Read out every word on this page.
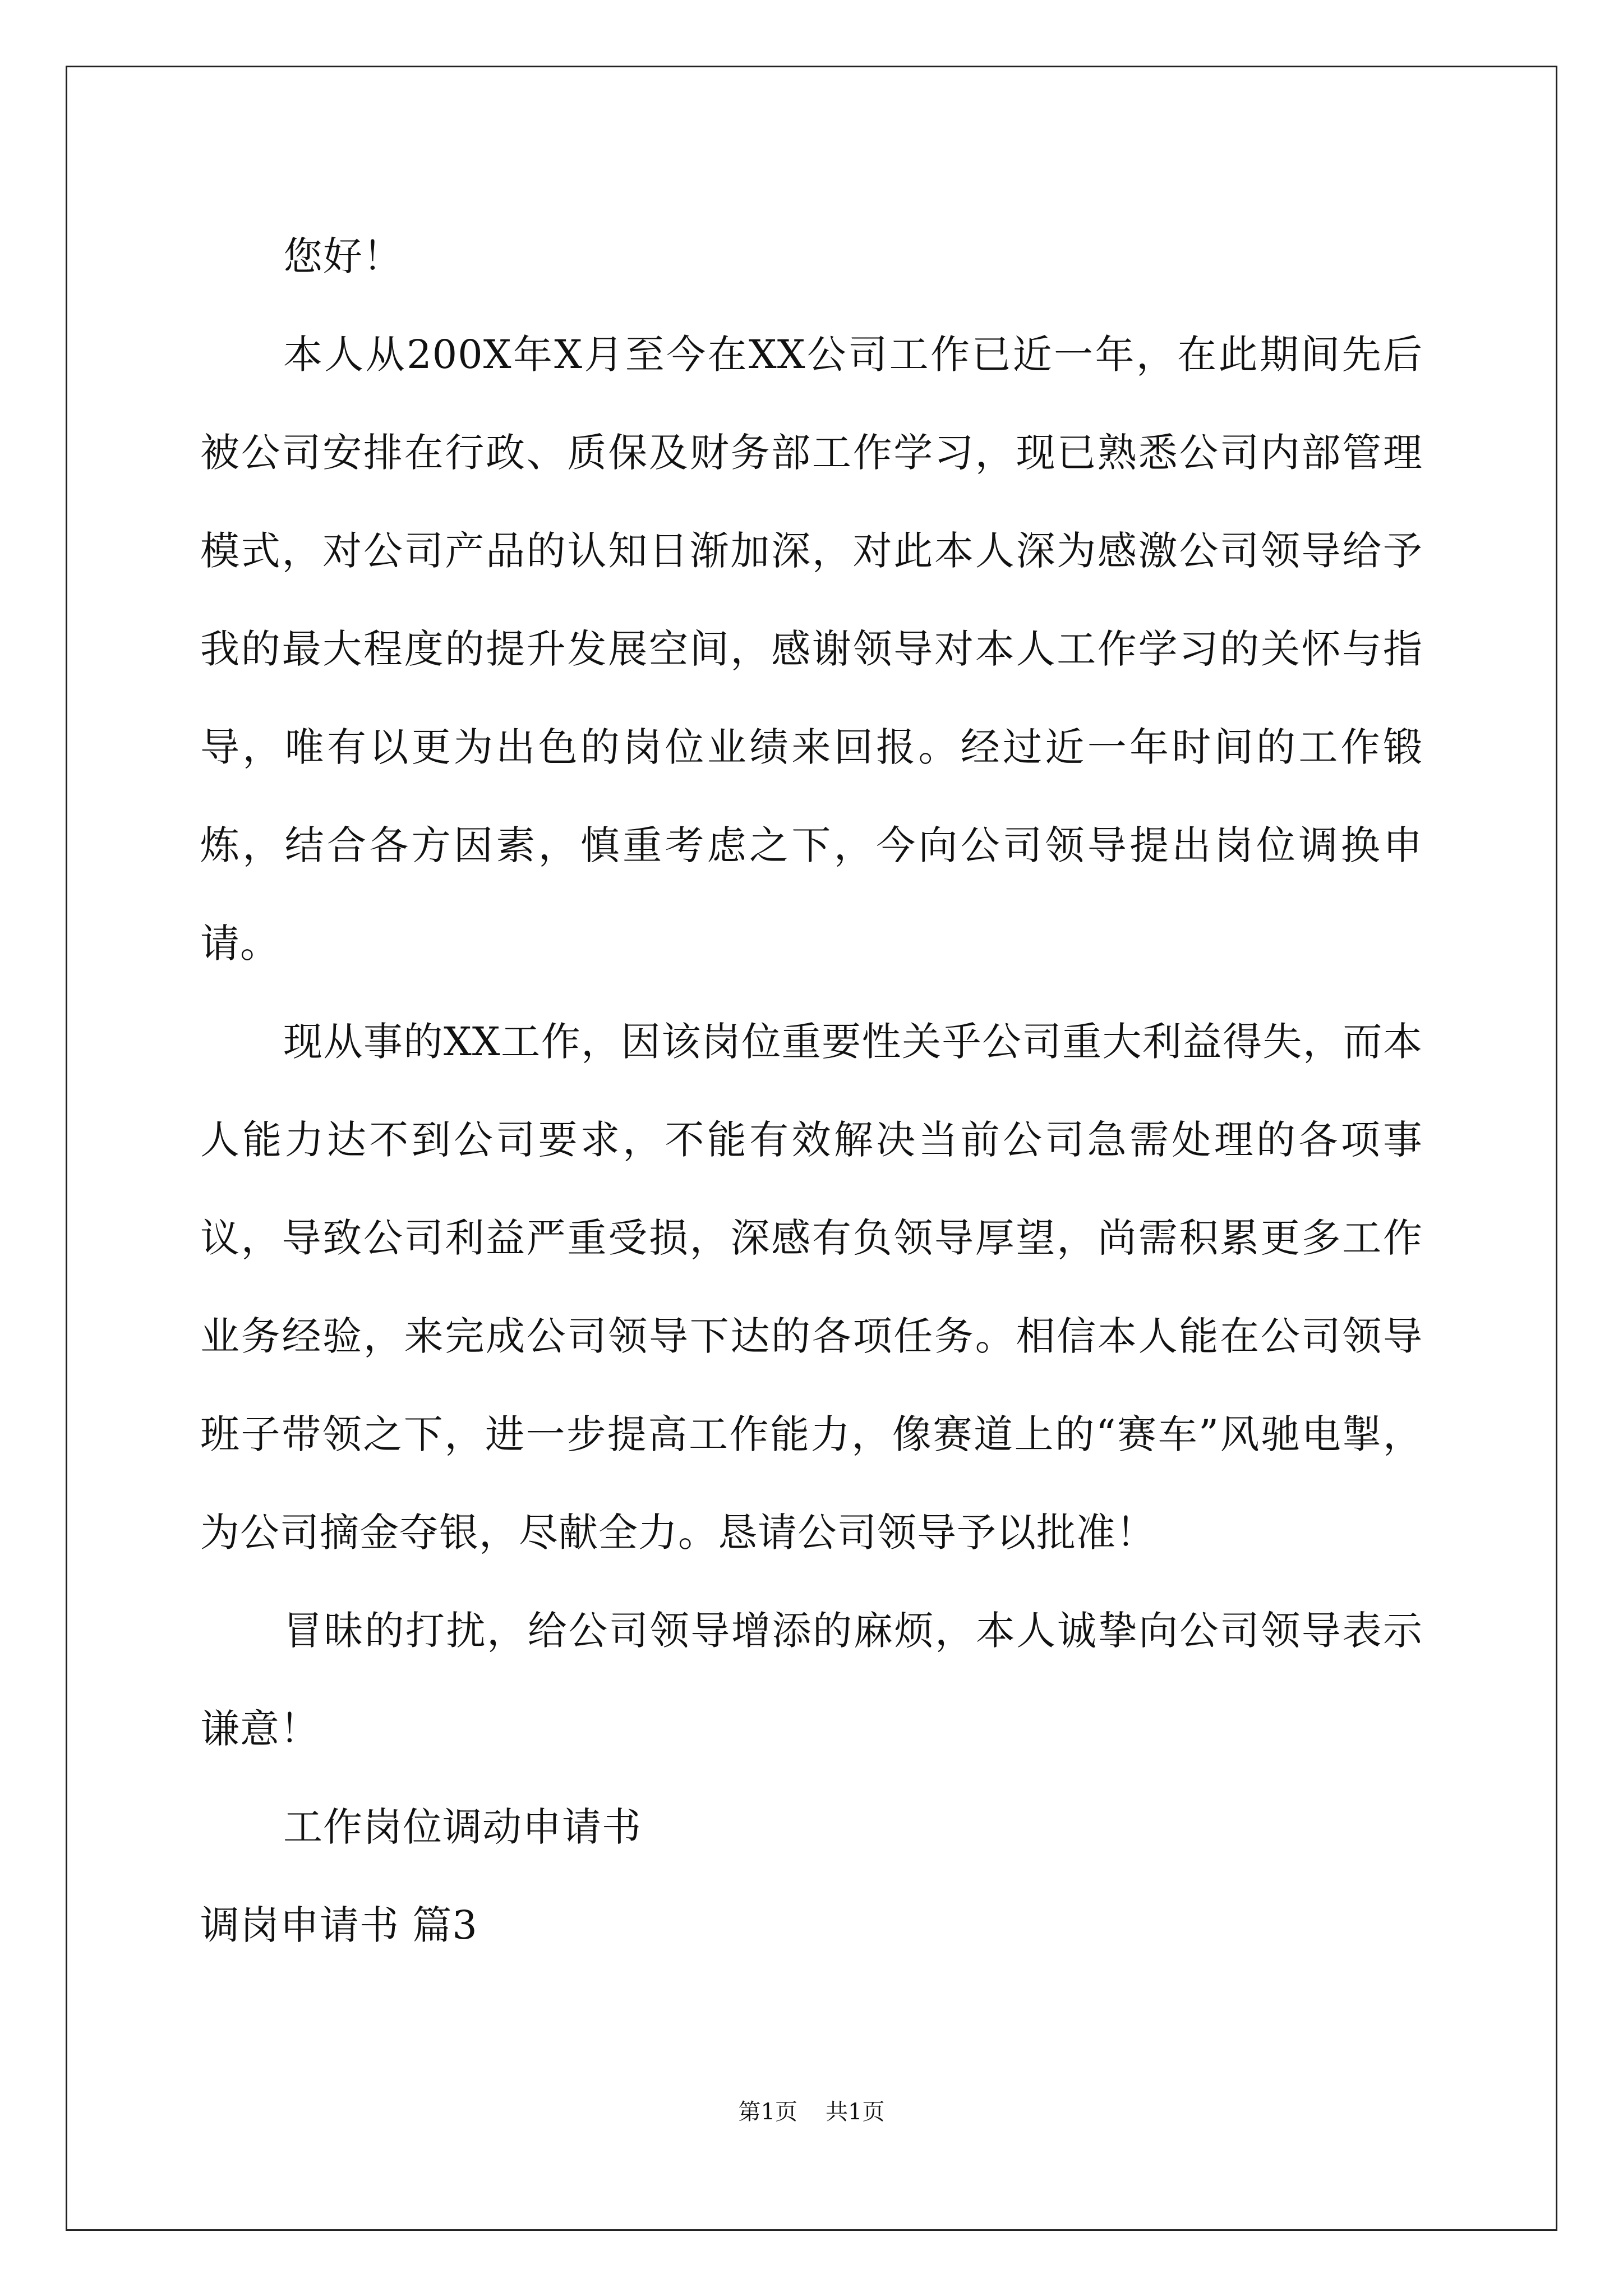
您好！

本人从200X年X月至今在XX公司工作已近一年，在此期间先后被公司安排在行政、质保及财务部工作学习，现已熟悉公司内部管理模式，对公司产品的认知日渐加深，对此本人深为感激公司领导给予我的最大程度的提升发展空间，感谢领导对本人工作学习的关怀与指导，唯有以更为出色的岗位业绩来回报。经过近一年时间的工作锻炼，结合各方因素，慎重考虑之下，今向公司领导提出岗位调换申请。

现从事的XX工作，因该岗位重要性关乎公司重大利益得失，而本人能力达不到公司要求，不能有效解决当前公司急需处理的各项事议，导致公司利益严重受损，深感有负领导厚望，尚需积累更多工作业务经验，来完成公司领导下达的各项任务。相信本人能在公司领导班子带领之下，进一步提高工作能力，像赛道上的“赛车”风驰电掣，为公司摘金夺银，尽献全力。恳请公司领导予以批准！

冒昧的打扰，给公司领导增添的麻烦，本人诚挚向公司领导表示谦意！

工作岗位调动申请书

调岗申请书 篇3

第1页 共1页
